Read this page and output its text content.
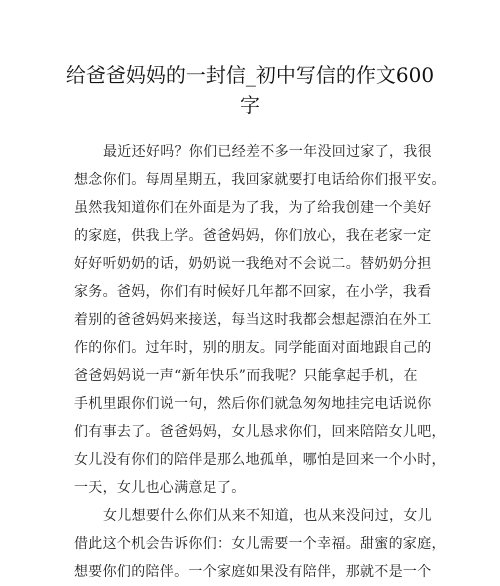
给爸爸妈妈的一封信_初中写信的作文600
字
最近还好吗？你们已经差不多一年没回过家了，我很
想念你们。每周星期五，我回家就要打电话给你们报平安。
虽然我知道你们在外面是为了我，为了给我创建一个美好
的家庭，供我上学。爸爸妈妈，你们放心，我在老家一定
好好听奶奶的话，奶奶说一我绝对不会说二。替奶奶分担
家务。爸妈，你们有时候好几年都不回家，在小学，我看
着别的爸爸妈妈来接送，每当这时我都会想起漂泊在外工
作的你们。过年时，别的朋友。同学能面对面地跟自己的
爸爸妈妈说一声“新年快乐”而我呢？只能拿起手机，在
手机里跟你们说一句，然后你们就急匆匆地挂完电话说你
们有事去了。爸爸妈妈，女儿恳求你们，回来陪陪女儿吧，
女儿没有你们的陪伴是那么地孤单，哪怕是回来一个小时，
一天，女儿也心满意足了。
女儿想要什么你们从来不知道，也从来没问过，女儿
借此这个机会告诉你们：女儿需要一个幸福。甜蜜的家庭，
想要你们的陪伴。一个家庭如果没有陪伴，那就不是一个
